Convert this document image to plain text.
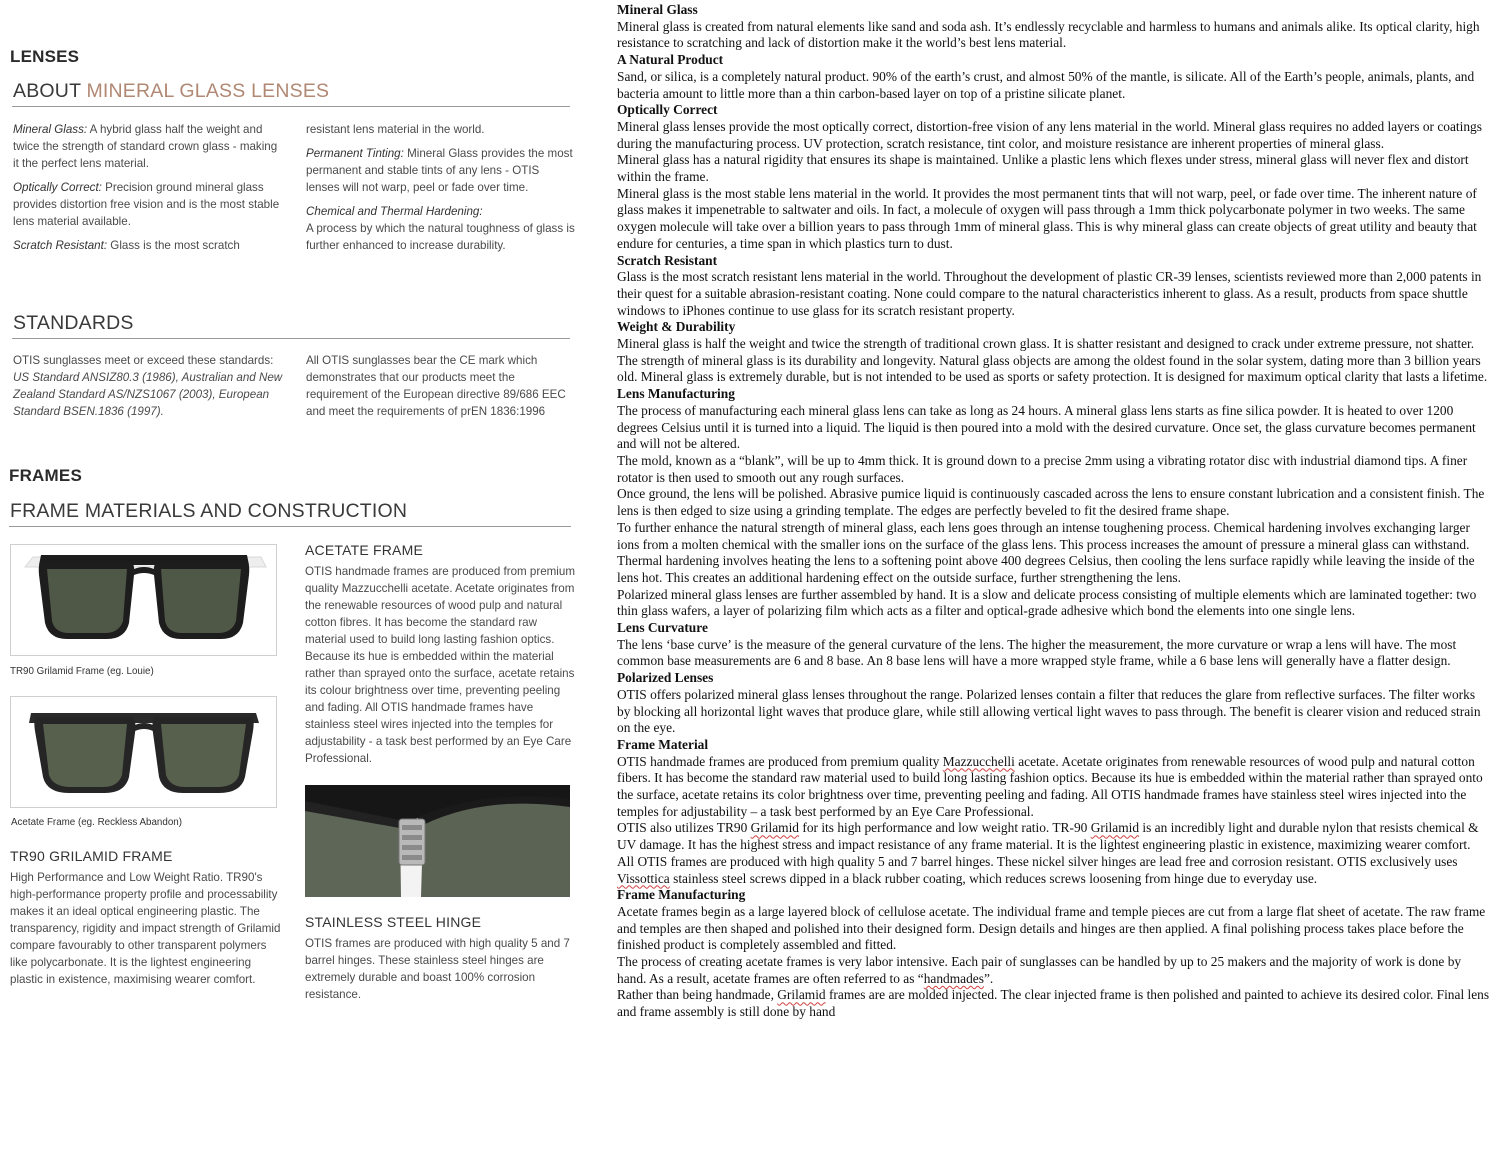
LENSES
ABOUT MINERAL GLASS LENSES

Mineral Glass: A hybrid glass half the weight and twice the strength of standard crown glass - making it the perfect lens material.

Optically Correct: Precision ground mineral glass provides distortion free vision and is the most stable lens material available.

Scratch Resistant: Glass is the most scratch

resistant lens material in the world.

Permanent Tinting: Mineral Glass provides the most permanent and stable tints of any lens - OTIS lenses will not warp, peel or fade over time.

Chemical and Thermal Hardening:
A process by which the natural toughness of glass is further enhanced to increase durability.

STANDARDS
OTIS sunglasses meet or exceed these standards:
US Standard ANSIZ80.3 (1986), Australian and New Zealand Standard AS/NZS1067 (2003), European Standard BSEN.1836 (1997).
All OTIS sunglasses bear the CE mark which demonstrates that our products meet the requirement of the European directive 89/686 EEC and meet the requirements of prEN 1836:1996
FRAMES
FRAME MATERIALS AND CONSTRUCTION
TR90 Grilamid Frame (eg. Louie)
Acetate Frame (eg. Reckless Abandon)
TR90 GRILAMID FRAME
High Performance and Low Weight Ratio. TR90's high-performance property profile and processability makes it an ideal optical engineering plastic. The transparency, rigidity and impact strength of Grilamid compare favourably to other transparent polymers like polycarbonate. It is the lightest engineering plastic in existence, maximising wearer comfort.
ACETATE FRAME
OTIS handmade frames are produced from premium quality Mazzucchelli acetate. Acetate originates from the renewable resources of wood pulp and natural cotton fibres. It has become the standard raw material used to build long lasting fashion optics. Because its hue is embedded within the material rather than sprayed onto the surface, acetate retains its colour brightness over time, preventing peeling and fading. All OTIS handmade frames have stainless steel wires injected into the temples for adjustability - a task best performed by an Eye Care Professional.
STAINLESS STEEL HINGE
OTIS frames are produced with high quality 5 and 7 barrel hinges. These stainless steel hinges are extremely durable and boast 100% corrosion resistance.
Mineral Glass
Mineral glass is created from natural elements like sand and soda ash. It’s endlessly recyclable and harmless to humans and animals alike. Its optical clarity, high resistance to scratching and lack of distortion make it the world’s best lens material.
A Natural Product
Sand, or silica, is a completely natural product. 90% of the earth’s crust, and almost 50% of the mantle, is silicate. All of the Earth’s people, animals, plants, and bacteria amount to little more than a thin carbon-based layer on top of a pristine silicate planet.
Optically Correct
Mineral glass lenses provide the most optically correct, distortion-free vision of any lens material in the world. Mineral glass requires no added layers or coatings during the manufacturing process. UV protection, scratch resistance, tint color, and moisture resistance are inherent properties of mineral glass.
Mineral glass has a natural rigidity that ensures its shape is maintained. Unlike a plastic lens which flexes under stress, mineral glass will never flex and distort within the frame.
Mineral glass is the most stable lens material in the world. It provides the most permanent tints that will not warp, peel, or fade over time. The inherent nature of glass makes it impenetrable to saltwater and oils. In fact, a molecule of oxygen will pass through a 1mm thick polycarbonate polymer in two weeks. The same oxygen molecule will take over a billion years to pass through 1mm of mineral glass. This is why mineral glass can create objects of great utility and beauty that endure for centuries, a time span in which plastics turn to dust.
Scratch Resistant
Glass is the most scratch resistant lens material in the world. Throughout the development of plastic CR-39 lenses, scientists reviewed more than 2,000 patents in their quest for a suitable abrasion-resistant coating. None could compare to the natural characteristics inherent to glass. As a result, products from space shuttle windows to iPhones continue to use glass for its scratch resistant property.
Weight & Durability
Mineral glass is half the weight and twice the strength of traditional crown glass. It is shatter resistant and designed to crack under extreme pressure, not shatter. The strength of mineral glass is its durability and longevity. Natural glass objects are among the oldest found in the solar system, dating more than 3 billion years old. Mineral glass is extremely durable, but is not intended to be used as sports or safety protection. It is designed for maximum optical clarity that lasts a lifetime.
Lens Manufacturing
The process of manufacturing each mineral glass lens can take as long as 24 hours. A mineral glass lens starts as fine silica powder. It is heated to over 1200 degrees Celsius until it is turned into a liquid. The liquid is then poured into a mold with the desired curvature. Once set, the glass curvature becomes permanent and will not be altered.
The mold, known as a “blank”, will be up to 4mm thick. It is ground down to a precise 2mm using a vibrating rotator disc with industrial diamond tips. A finer rotator is then used to smooth out any rough surfaces.
Once ground, the lens will be polished. Abrasive pumice liquid is continuously cascaded across the lens to ensure constant lubrication and a consistent finish. The lens is then edged to size using a grinding template. The edges are perfectly beveled to fit the desired frame shape.
To further enhance the natural strength of mineral glass, each lens goes through an intense toughening process. Chemical hardening involves exchanging larger ions from a molten chemical with the smaller ions on the surface of the glass lens. This process increases the amount of pressure a mineral glass can withstand.
Thermal hardening involves heating the lens to a softening point above 400 degrees Celsius, then cooling the lens surface rapidly while leaving the inside of the lens hot. This creates an additional hardening effect on the outside surface, further strengthening the lens.
Polarized mineral glass lenses are further assembled by hand. It is a slow and delicate process consisting of multiple elements which are laminated together: two thin glass wafers, a layer of polarizing film which acts as a filter and optical-grade adhesive which bond the elements into one single lens.
Lens Curvature
The lens ‘base curve’ is the measure of the general curvature of the lens. The higher the measurement, the more curvature or wrap a lens will have. The most common base measurements are 6 and 8 base. An 8 base lens will have a more wrapped style frame, while a 6 base lens will generally have a flatter design.
Polarized Lenses
OTIS offers polarized mineral glass lenses throughout the range. Polarized lenses contain a filter that reduces the glare from reflective surfaces. The filter works by blocking all horizontal light waves that produce glare, while still allowing vertical light waves to pass through. The benefit is clearer vision and reduced strain on the eye.
Frame Material
OTIS handmade frames are produced from premium quality Mazzucchelli acetate. Acetate originates from renewable resources of wood pulp and natural cotton fibers. It has become the standard raw material used to build long lasting fashion optics. Because its hue is embedded within the material rather than sprayed onto the surface, acetate retains its color brightness over time, preventing peeling and fading. All OTIS handmade frames have stainless steel wires injected into the temples for adjustability – a task best performed by an Eye Care Professional.
OTIS also utilizes TR90 Grilamid for its high performance and low weight ratio. TR-90 Grilamid is an incredibly light and durable nylon that resists chemical & UV damage. It has the highest stress and impact resistance of any frame material. It is the lightest engineering plastic in existence, maximizing wearer comfort.
All OTIS frames are produced with high quality 5 and 7 barrel hinges. These nickel silver hinges are lead free and corrosion resistant. OTIS exclusively uses Vissottica stainless steel screws dipped in a black rubber coating, which reduces screws loosening from hinge due to everyday use.
Frame Manufacturing
Acetate frames begin as a large layered block of cellulose acetate. The individual frame and temple pieces are cut from a large flat sheet of acetate. The raw frame and temples are then shaped and polished into their designed form. Design details and hinges are then applied. A final polishing process takes place before the finished product is completely assembled and fitted.
The process of creating acetate frames is very labor intensive. Each pair of sunglasses can be handled by up to 25 makers and the majority of work is done by hand. As a result, acetate frames are often referred to as “handmades”.
Rather than being handmade, Grilamid frames are are molded injected. The clear injected frame is then polished and painted to achieve its desired color. Final lens and frame assembly is still done by hand
